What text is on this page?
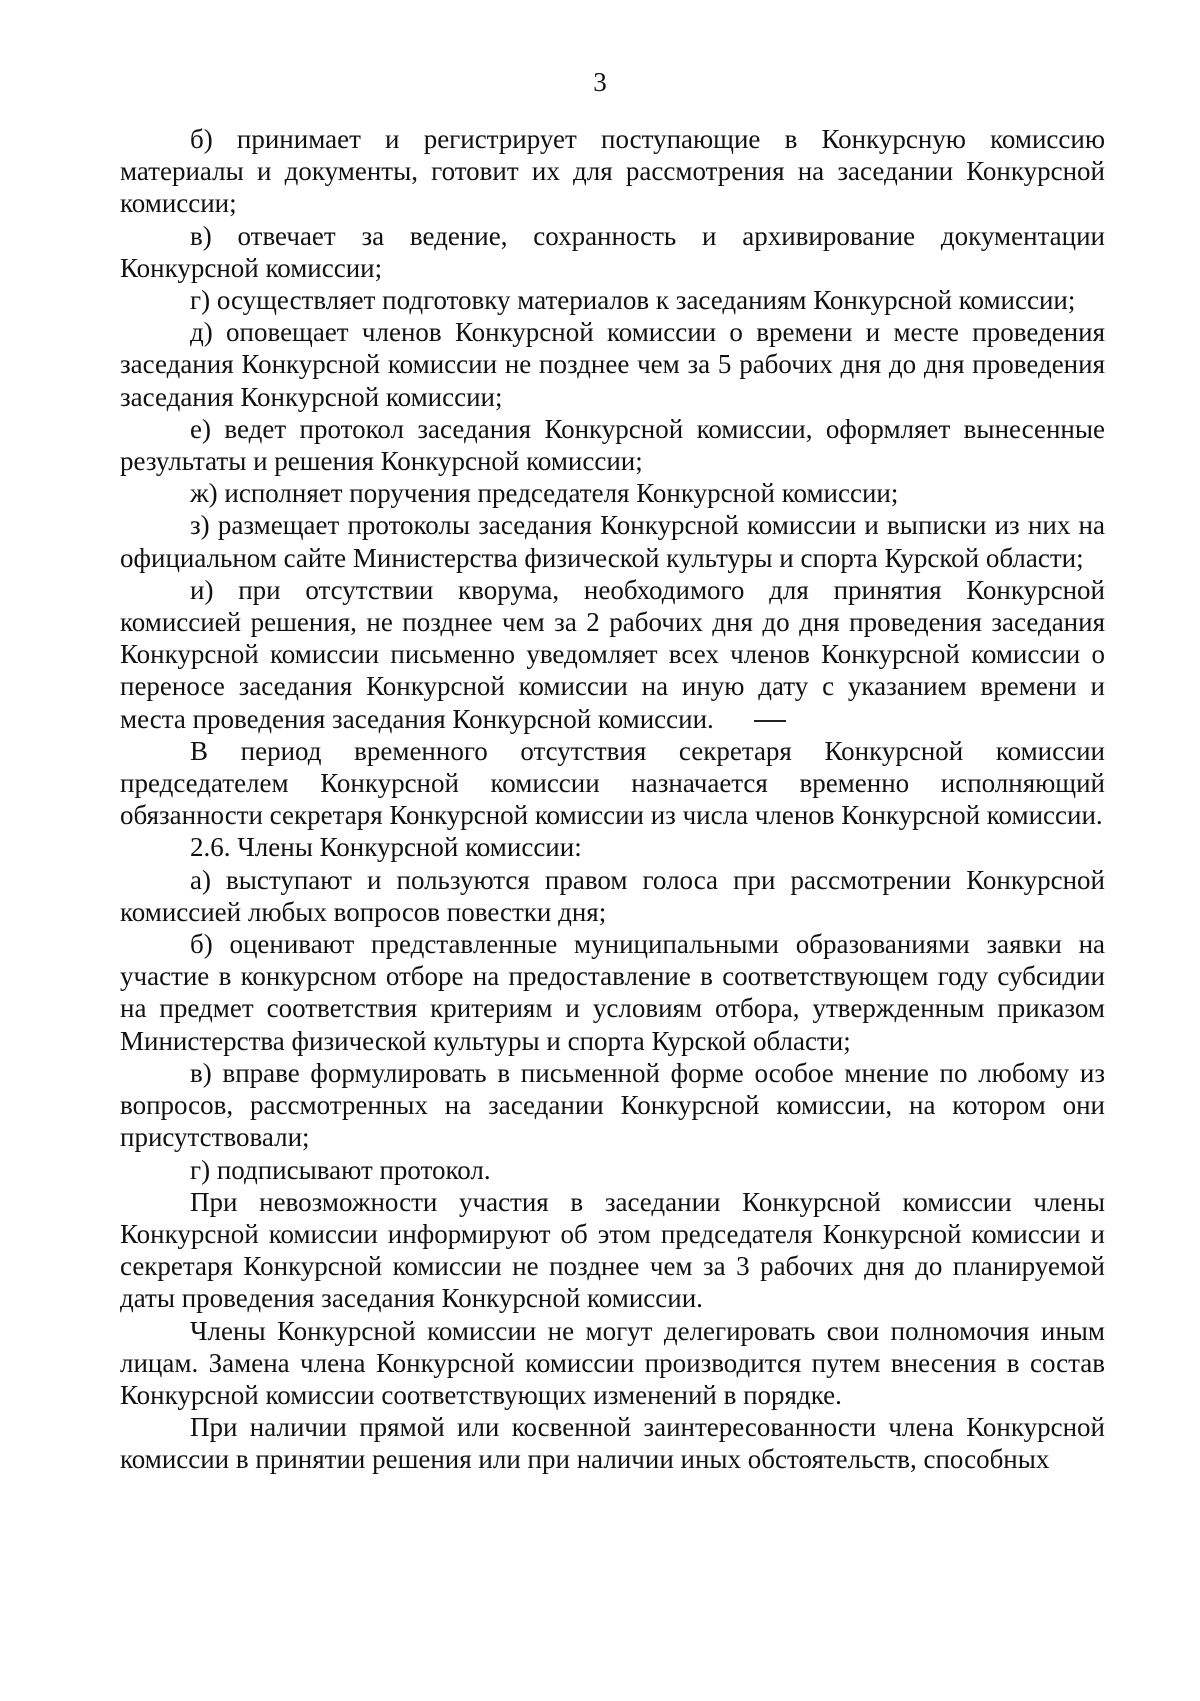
3

б) принимает и регистрирует поступающие в Конкурсную комиссию материалы и документы, готовит их для рассмотрения на заседании Конкурсной комиссии;

в) отвечает за ведение, сохранность и архивирование документации Конкурсной комиссии;

г) осуществляет подготовку материалов к заседаниям Конкурсной комиссии;

д) оповещает членов Конкурсной комиссии о времени и месте проведения заседания Конкурсной комиссии не позднее чем за 5 рабочих дня до дня проведения заседания Конкурсной комиссии;

е) ведет протокол заседания Конкурсной комиссии, оформляет вынесенные результаты и решения Конкурсной комиссии;

ж) исполняет поручения председателя Конкурсной комиссии;

з) размещает протоколы заседания Конкурсной комиссии и выписки из них на официальном сайте Министерства физической культуры и спорта Курской области;

и) при отсутствии кворума, необходимого для принятия Конкурсной комиссией решения, не позднее чем за 2 рабочих дня до дня проведения заседания Конкурсной комиссии письменно уведомляет всех членов Конкурсной комиссии о переносе заседания Конкурсной комиссии на иную дату с указанием времени и места проведения заседания Конкурсной комиссии.

В период временного отсутствия секретаря Конкурсной комиссии председателем Конкурсной комиссии назначается временно исполняющий обязанности секретаря Конкурсной комиссии из числа членов Конкурсной комиссии.

2.6. Члены Конкурсной комиссии:

а) выступают и пользуются правом голоса при рассмотрении Конкурсной комиссией любых вопросов повестки дня;

б) оценивают представленные муниципальными образованиями заявки на участие в конкурсном отборе на предоставление в соответствующем году субсидии на предмет соответствия критериям и условиям отбора, утвержденным приказом Министерства физической культуры и спорта Курской области;

в) вправе формулировать в письменной форме особое мнение по любому из вопросов, рассмотренных на заседании Конкурсной комиссии, на котором они присутствовали;

г) подписывают протокол.

При невозможности участия в заседании Конкурсной комиссии члены Конкурсной комиссии информируют об этом председателя Конкурсной комиссии и секретаря Конкурсной комиссии не позднее чем за 3 рабочих дня до планируемой даты проведения заседания Конкурсной комиссии.

Члены Конкурсной комиссии не могут делегировать свои полномочия иным лицам. Замена члена Конкурсной комиссии производится путем внесения в состав Конкурсной комиссии соответствующих изменений в порядке.

При наличии прямой или косвенной заинтересованности члена Конкурсной комиссии в принятии решения или при наличии иных обстоятельств, способных
